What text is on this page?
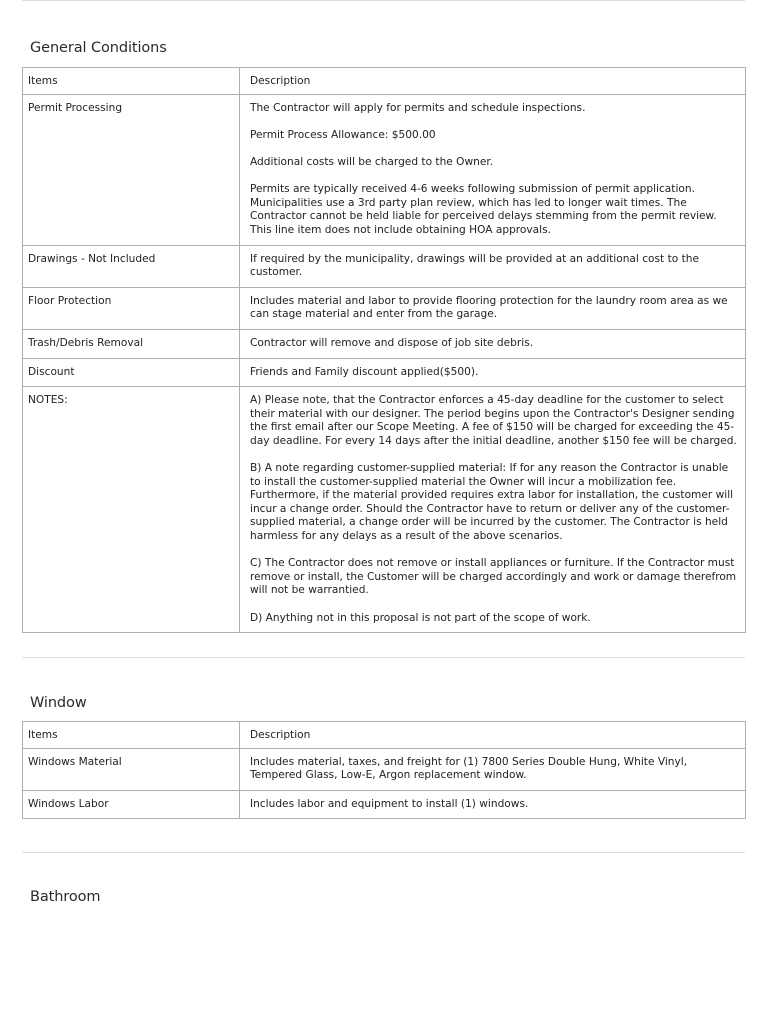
General Conditions
Items	Description
Permit Processing	The Contractor will apply for permits and schedule inspections.

Permit Process Allowance: $500.00

Additional costs will be charged to the Owner.

Permits are typically received 4-6 weeks following submission of permit application. Municipalities use a 3rd party plan review, which has led to longer wait times. The Contractor cannot be held liable for perceived delays stemming from the permit review. This line item does not include obtaining HOA approvals.

Drawings - Not Included	If required by the municipality, drawings will be provided at an additional cost to the customer.

Floor Protection	Includes material and labor to provide flooring protection for the laundry room area as we can stage material and enter from the garage.

Trash/Debris Removal	Contractor will remove and dispose of job site debris.

Discount	Friends and Family discount applied($500).

NOTES:	A) Please note, that the Contractor enforces a 45-day deadline for the customer to select their material with our designer. The period begins upon the Contractor's Designer sending the first email after our Scope Meeting. A fee of $150 will be charged for exceeding the 45-day deadline. For every 14 days after the initial deadline, another $150 fee will be charged.

B) A note regarding customer-supplied material: If for any reason the Contractor is unable to install the customer-supplied material the Owner will incur a mobilization fee. Furthermore, if the material provided requires extra labor for installation, the customer will incur a change order. Should the Contractor have to return or deliver any of the customer-supplied material, a change order will be incurred by the customer. The Contractor is held harmless for any delays as a result of the above scenarios.

C) The Contractor does not remove or install appliances or furniture. If the Contractor must remove or install, the Customer will be charged accordingly and work or damage therefrom will not be warrantied.

D) Anything not in this proposal is not part of the scope of work.

Window
Items	Description
Windows Material	Includes material, taxes, and freight for (1) 7800 Series Double Hung, White Vinyl, Tempered Glass, Low-E, Argon replacement window.

Windows Labor	Includes labor and equipment to install (1) windows.

Bathroom
